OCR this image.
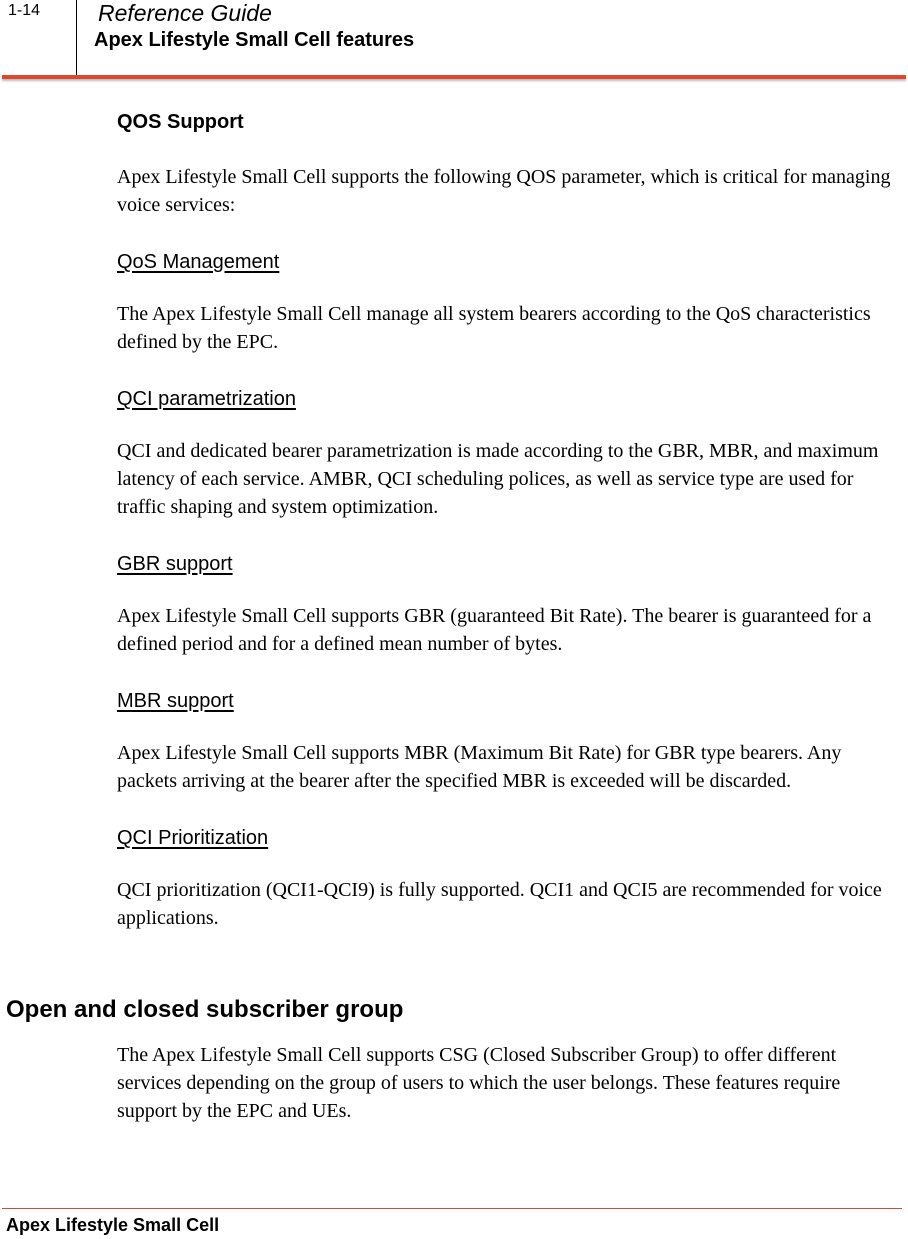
1-14	Reference Guide
Apex Lifestyle Small Cell features
QOS Support

Apex Lifestyle Small Cell supports the following QOS parameter, which is critical for managing voice services:

QoS Management

The Apex Lifestyle Small Cell manage all system bearers according to the QoS characteristics defined by the EPC.

QCI parametrization

QCI and dedicated bearer parametrization is made according to the GBR, MBR, and maximum latency of each service. AMBR, QCI scheduling polices, as well as service type are used for traffic shaping and system optimization.

GBR support

Apex Lifestyle Small Cell supports GBR (guaranteed Bit Rate). The bearer is guaranteed for a defined period and for a defined mean number of bytes.

MBR support

Apex Lifestyle Small Cell supports MBR (Maximum Bit Rate) for GBR type bearers. Any packets arriving at the bearer after the specified MBR is exceeded will be discarded.

QCI Prioritization

QCI prioritization (QCI1-QCI9) is fully supported. QCI1 and QCI5 are recommended for voice applications.

Open and closed subscriber group

The Apex Lifestyle Small Cell supports CSG (Closed Subscriber Group) to offer different services depending on the group of users to which the user belongs. These features require support by the EPC and UEs.

Apex Lifestyle Small Cell
